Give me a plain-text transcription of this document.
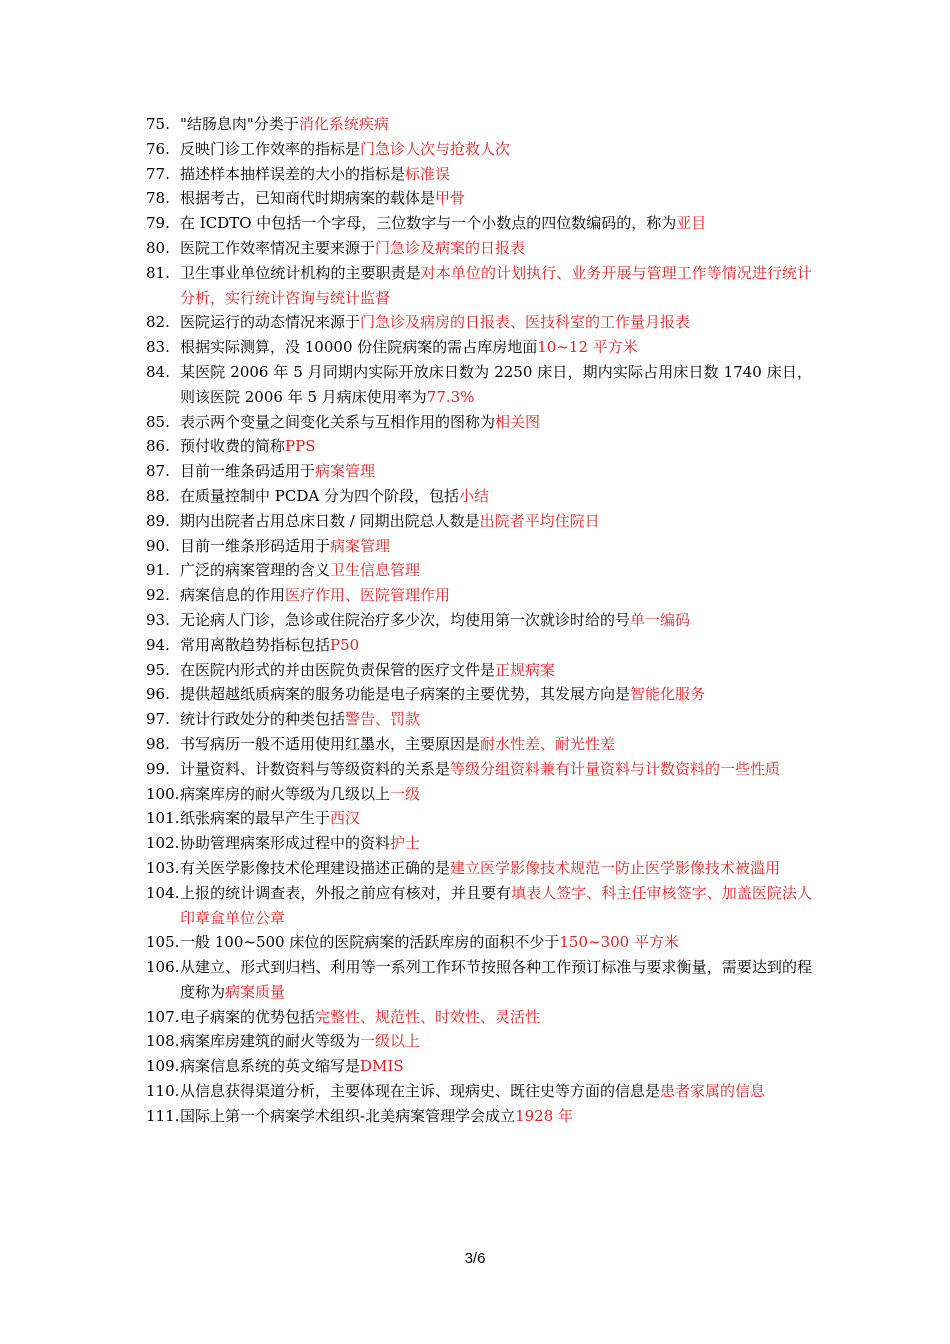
75. "结肠息肉"分类于消化系统疾病
76. 反映门诊工作效率的指标是门急诊人次与抢救人次
77. 描述样本抽样误差的大小的指标是标准误
78. 根据考古，已知商代时期病案的载体是甲骨
79. 在 ICDTO 中包括一个字母，三位数字与一个小数点的四位数编码的，称为亚目
80. 医院工作效率情况主要来源于门急诊及病案的日报表
81. 卫生事业单位统计机构的主要职责是对本单位的计划执行、业务开展与管理工作等情况进行统计分析，实行统计咨询与统计监督
82. 医院运行的动态情况来源于门急诊及病房的日报表、医技科室的工作量月报表
83. 根据实际测算，没 10000 份住院病案的需占库房地面10~12 平方米
84. 某医院 2006 年 5 月同期内实际开放床日数为 2250 床日，期内实际占用床日数 1740 床日，则该医院 2006 年 5 月病床使用率为77.3%
85. 表示两个变量之间变化关系与互相作用的图称为相关图
86. 预付收费的简称PPS
87. 目前一维条码适用于病案管理
88. 在质量控制中 PCDA 分为四个阶段，包括小结
89. 期内出院者占用总床日数 / 同期出院总人数是出院者平均住院日
90. 目前一维条形码适用于病案管理
91. 广泛的病案管理的含义卫生信息管理
92. 病案信息的作用医疗作用、医院管理作用
93. 无论病人门诊，急诊或住院治疗多少次，均使用第一次就诊时给的号单一编码
94. 常用离散趋势指标包括P50
95. 在医院内形式的并由医院负责保管的医疗文件是正规病案
96. 提供超越纸质病案的服务功能是电子病案的主要优势，其发展方向是智能化服务
97. 统计行政处分的种类包括警告、罚款
98. 书写病历一般不适用使用红墨水，主要原因是耐水性差、耐光性差
99. 计量资料、计数资料与等级资料的关系是等级分组资料兼有计量资料与计数资料的一些性质
100. 病案库房的耐火等级为几级以上一级
101. 纸张病案的最早产生于西汉
102. 协助管理病案形成过程中的资料护士
103. 有关医学影像技术伦理建设描述正确的是建立医学影像技术规范一防止医学影像技术被滥用
104. 上报的统计调查表，外报之前应有核对，并且要有填表人签字、科主任审核签字、加盖医院法人印章盒单位公章
105. 一般 100~500 床位的医院病案的活跃库房的面积不少于150~300 平方米
106. 从建立、形式到归档、利用等一系列工作环节按照各种工作预订标准与要求衡量，需要达到的程度称为病案质量
107. 电子病案的优势包括完整性、规范性、时效性、灵活性
108. 病案库房建筑的耐火等级为一级以上
109. 病案信息系统的英文缩写是DMIS
110. 从信息获得渠道分析，主要体现在主诉、现病史、既往史等方面的信息是患者家属的信息
111. 国际上第一个病案学术组织-北美病案管理学会成立1928 年
3/6
